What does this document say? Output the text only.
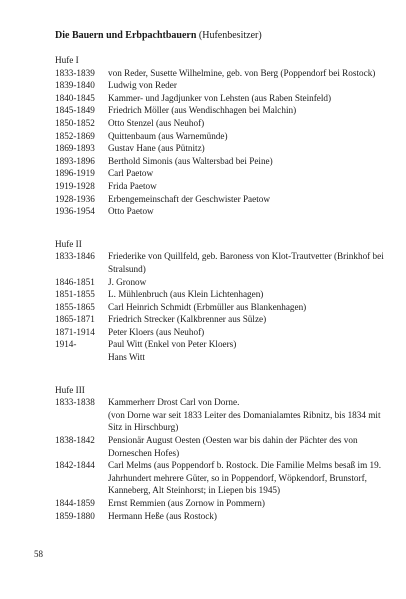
Die Bauern und Erbpachtbauern (Hufenbesitzer)
Hufe I
1833-1839	von Reder, Susette Wilhelmine, geb. von Berg (Poppendorf bei Rostock)
1839-1840	Ludwig von Reder
1840-1845	Kammer- und Jagdjunker von Lehsten (aus Raben Steinfeld)
1845-1849	Friedrich Möller (aus Wendischhagen bei Malchin)
1850-1852	Otto Stenzel (aus Neuhof)
1852-1869	Quittenbaum (aus Warnemünde)
1869-1893	Gustav Hane (aus Pütnitz)
1893-1896	Berthold Simonis (aus Waltersbad bei Peine)
1896-1919	Carl Paetow
1919-1928	Frida Paetow
1928-1936	Erbengemeinschaft der Geschwister Paetow
1936-1954	Otto Paetow
Hufe II
1833-1846	Friederike von Quillfeld, geb. Baroness von Klot-Trautvetter (Brinkhof bei Stralsund)
1846-1851	J. Gronow
1851-1855	L. Mühlenbruch (aus Klein Lichtenhagen)
1855-1865	Carl Heinrich Schmidt (Erbmüller aus Blankenhagen)
1865-1871	Friedrich Strecker (Kalkbrenner aus Sülze)
1871-1914	Peter Kloers (aus Neuhof)
1914-	Paul Witt (Enkel von Peter Kloers)
Hans Witt
Hufe III
1833-1838	Kammerherr Drost Carl von Dorne.
(von Dorne war seit 1833 Leiter des Domanialamtes Ribnitz, bis 1834 mit Sitz in Hirschburg)
1838-1842	Pensionär August Oesten (Oesten war bis dahin der Pächter des von Dorneschen Hofes)
1842-1844	Carl Melms (aus Poppendorf b. Rostock. Die Familie Melms besaß im 19. Jahrhundert mehrere Güter, so in Poppendorf, Wöpkendorf, Brunstorf, Kanneberg, Alt Steinhorst; in Liepen bis 1945)
1844-1859	Ernst Remmien (aus Zornow in Pommern)
1859-1880	Hermann Heße (aus Rostock)
58
